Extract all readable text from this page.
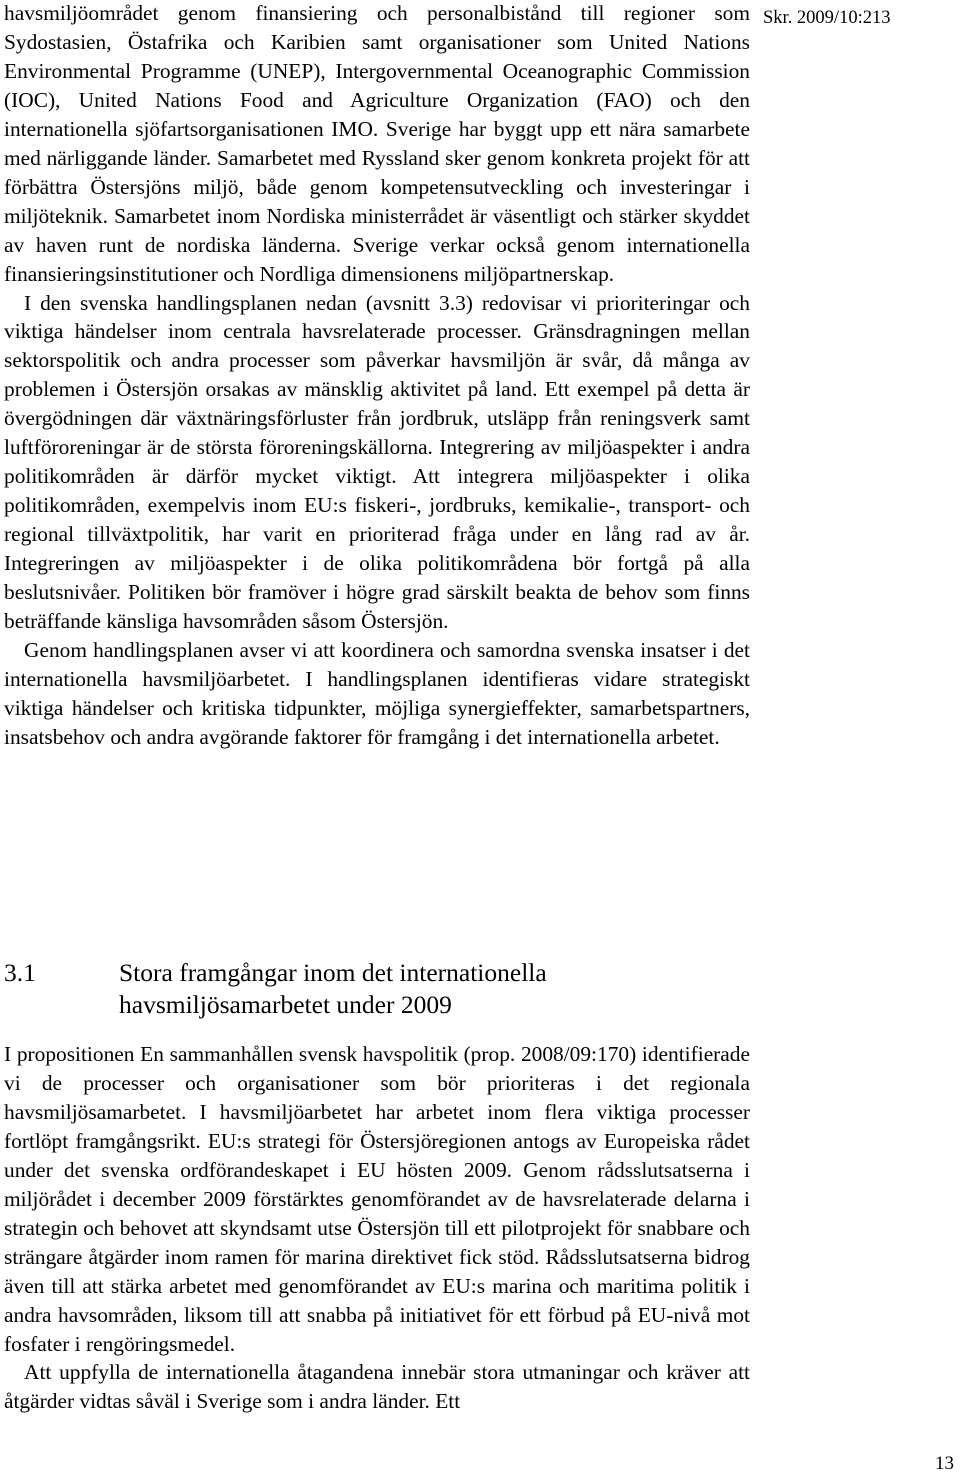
Skr. 2009/10:213

havsmiljöområdet genom finansiering och personalbistånd till regioner som Sydostasien, Östafrika och Karibien samt organisationer som United Nations Environmental Programme (UNEP), Intergovernmental Oceanographic Commission (IOC), United Nations Food and Agriculture Organization (FAO) och den internationella sjöfartsorganisationen IMO. Sverige har byggt upp ett nära samarbete med närliggande länder. Samarbetet med Ryssland sker genom konkreta projekt för att förbättra Östersjöns miljö, både genom kompetensutveckling och investeringar i miljöteknik. Samarbetet inom Nordiska ministerrådet är väsentligt och stärker skyddet av haven runt de nordiska länderna. Sverige verkar också genom internationella finansieringsinstitutioner och Nordliga dimensionens miljöpartnerskap.

I den svenska handlingsplanen nedan (avsnitt 3.3) redovisar vi prioriteringar och viktiga händelser inom centrala havsrelaterade processer. Gränsdragningen mellan sektorspolitik och andra processer som påverkar havsmiljön är svår, då många av problemen i Östersjön orsakas av mänsklig aktivitet på land. Ett exempel på detta är övergödningen där växtnäringsförluster från jordbruk, utsläpp från reningsverk samt luftföroreningar är de största föroreningskällorna. Integrering av miljöaspekter i andra politikområden är därför mycket viktigt. Att integrera miljöaspekter i olika politikområden, exempelvis inom EU:s fiskeri-, jordbruks, kemikalie-, transport- och regional tillväxtpolitik, har varit en prioriterad fråga under en lång rad av år. Integreringen av miljöaspekter i de olika politikområdena bör fortgå på alla beslutsnivåer. Politiken bör framöver i högre grad särskilt beakta de behov som finns beträffande känsliga havsområden såsom Östersjön.

Genom handlingsplanen avser vi att koordinera och samordna svenska insatser i det internationella havsmiljöarbetet. I handlingsplanen identifieras vidare strategiskt viktiga händelser och kritiska tidpunkter, möjliga synergieffekter, samarbetspartners, insatsbehov och andra avgörande faktorer för framgång i det internationella arbetet.

3.1	Stora framgångar inom det internationella havsmiljösamarbetet under 2009

I propositionen En sammanhållen svensk havspolitik (prop. 2008/09:170) identifierade vi de processer och organisationer som bör prioriteras i det regionala havsmiljösamarbetet. I havsmiljöarbetet har arbetet inom flera viktiga processer fortlöpt framgångsrikt. EU:s strategi för Östersjöregionen antogs av Europeiska rådet under det svenska ordförandeskapet i EU hösten 2009. Genom rådsslutsatserna i miljörådet i december 2009 förstärktes genomförandet av de havsrelaterade delarna i strategin och behovet att skyndsamt utse Östersjön till ett pilotprojekt för snabbare och strängare åtgärder inom ramen för marina direktivet fick stöd. Rådsslutsatserna bidrog även till att stärka arbetet med genomförandet av EU:s marina och maritima politik i andra havsområden, liksom till att snabba på initiativet för ett förbud på EU-nivå mot fosfater i rengöringsmedel.

Att uppfylla de internationella åtagandena innebär stora utmaningar och kräver att åtgärder vidtas såväl i Sverige som i andra länder. Ett

13
